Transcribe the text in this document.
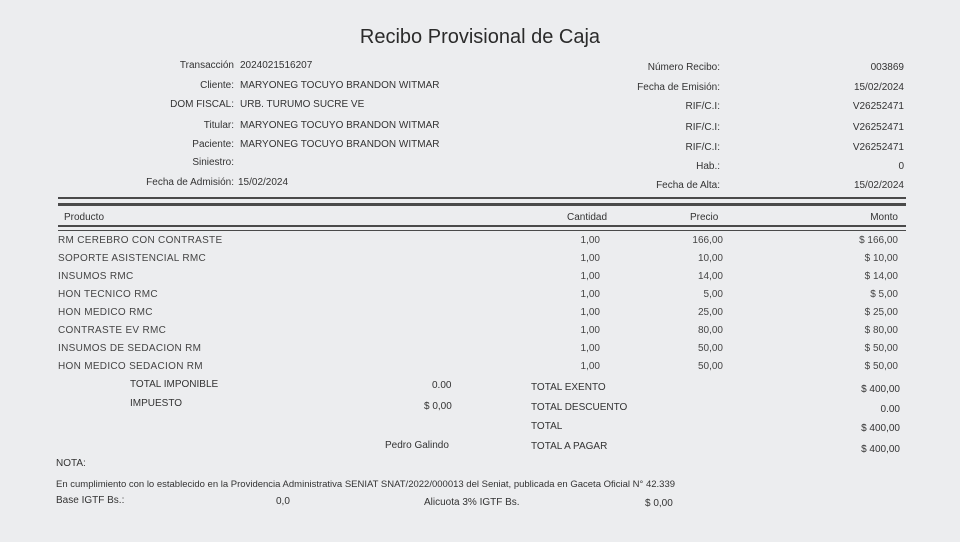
Recibo Provisional de Caja
Transacción 2024021516207
Cliente: MARYONEG TOCUYO BRANDON WITMAR
DOM FISCAL: URB. TURUMO SUCRE VE
Titular: MARYONEG TOCUYO BRANDON WITMAR
Paciente: MARYONEG TOCUYO BRANDON WITMAR
Siniestro:
Fecha de Admisión: 15/02/2024
Número Recibo:	003869
Fecha de Emisión:	15/02/2024
RIF/C.I:	V26252471
RIF/C.I:	V26252471
RIF/C.I:	V26252471
Hab.:	0
Fecha de Alta:	15/02/2024
Producto	Cantidad	Precio	Monto
RM CEREBRO CON CONTRASTE	1,00	166,00	$ 166,00
SOPORTE ASISTENCIAL RMC	1,00	10,00	$ 10,00
INSUMOS RMC	1,00	14,00	$ 14,00
HON TECNICO RMC	1,00	5,00	$ 5,00
HON MEDICO RMC	1,00	25,00	$ 25,00
CONTRASTE EV RMC	1,00	80,00	$ 80,00
INSUMOS DE SEDACION RM	1,00	50,00	$ 50,00
HON MEDICO SEDACION RM	1,00	50,00	$ 50,00
TOTAL IMPONIBLE	0.00	TOTAL EXENTO	$ 400,00
IMPUESTO	$ 0,00	TOTAL DESCUENTO	0.00
TOTAL	$ 400,00
Pedro Galindo	TOTAL A PAGAR	$ 400,00
NOTA:
En cumplimiento con lo establecido en la Providencia Administrativa SENIAT SNAT/2022/000013 del Seniat, publicada en Gaceta Oficial N° 42.339
Base IGTF Bs.:	0,0	Alicuota 3% IGTF Bs.	$ 0,00
